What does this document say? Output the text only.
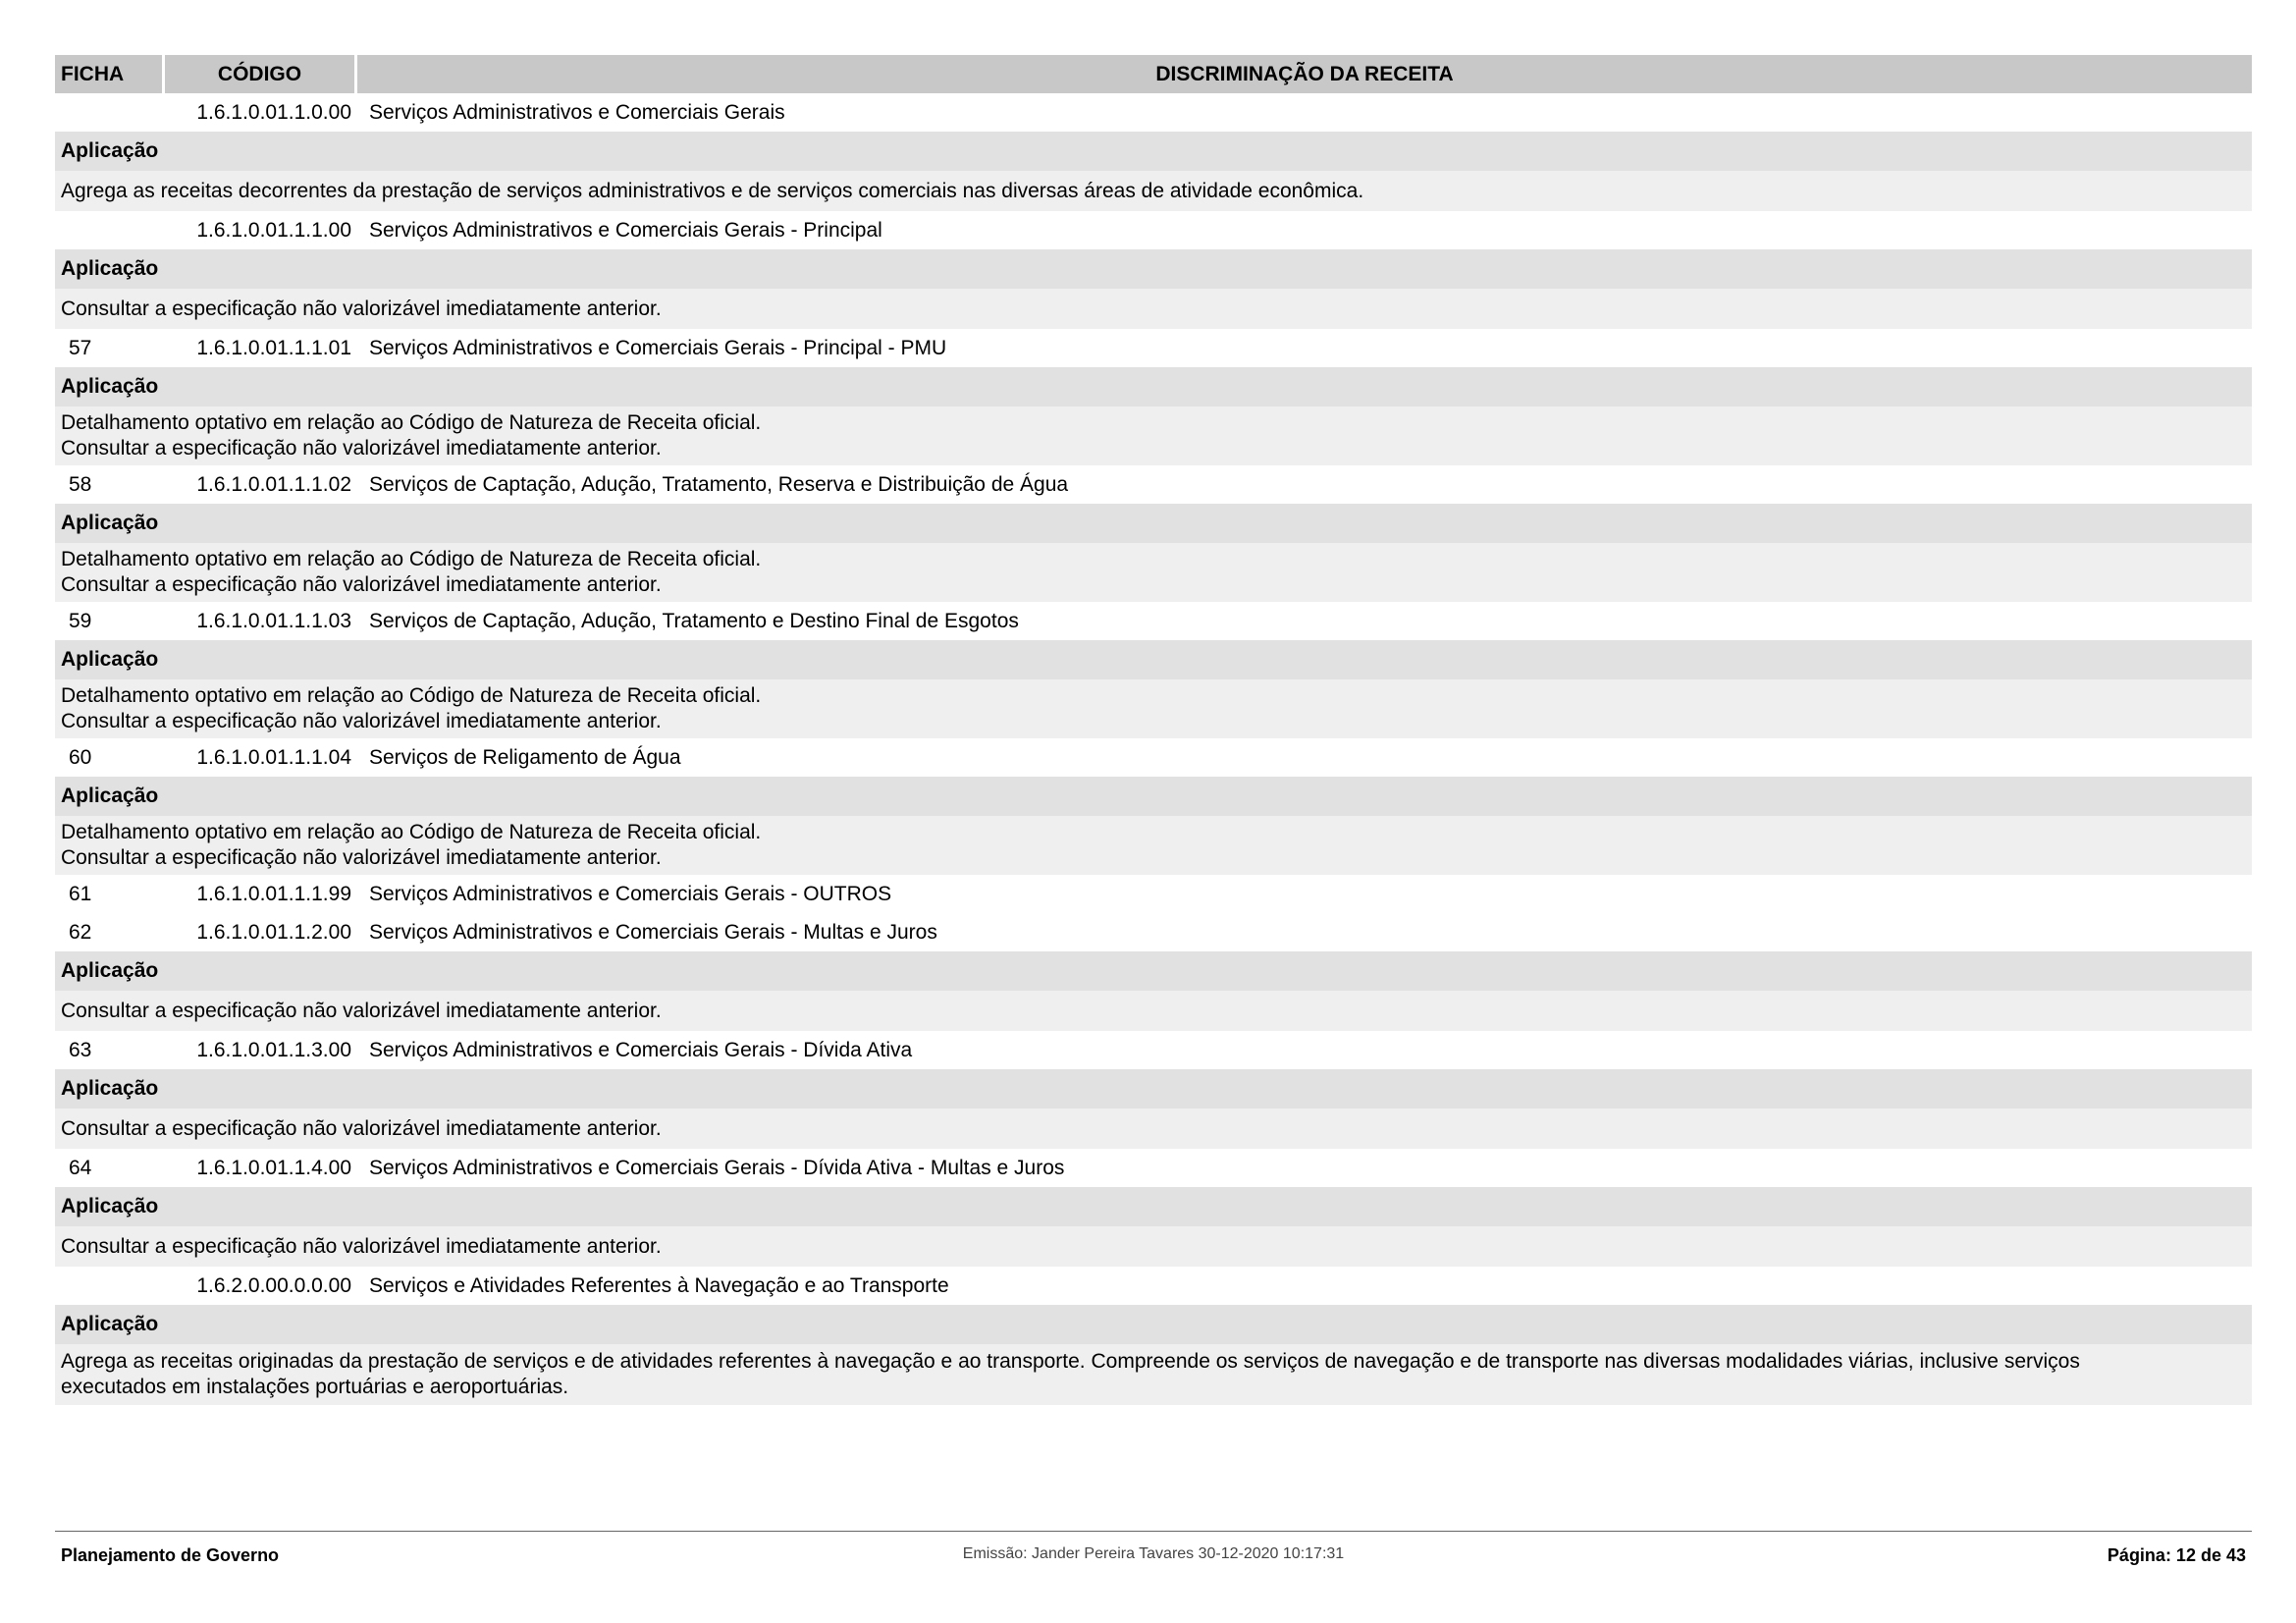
FICHA	CÓDIGO	DISCRIMINAÇÃO DA RECEITA
1.6.1.0.01.1.0.00 Serviços Administrativos e Comerciais Gerais
Aplicação
Agrega as receitas decorrentes da prestação de serviços administrativos e de serviços comerciais nas diversas áreas de atividade econômica.
1.6.1.0.01.1.1.00 Serviços Administrativos e Comerciais Gerais - Principal
Aplicação
Consultar a especificação não valorizável imediatamente anterior.
57	1.6.1.0.01.1.1.01 Serviços Administrativos e Comerciais Gerais - Principal - PMU
Aplicação
Detalhamento optativo em relação ao Código de Natureza de Receita oficial.
Consultar a especificação não valorizável imediatamente anterior.
58	1.6.1.0.01.1.1.02 Serviços de Captação, Adução, Tratamento, Reserva e Distribuição de Água
Aplicação
Detalhamento optativo em relação ao Código de Natureza de Receita oficial.
Consultar a especificação não valorizável imediatamente anterior.
59	1.6.1.0.01.1.1.03 Serviços de Captação, Adução, Tratamento e Destino Final de Esgotos
Aplicação
Detalhamento optativo em relação ao Código de Natureza de Receita oficial.
Consultar a especificação não valorizável imediatamente anterior.
60	1.6.1.0.01.1.1.04 Serviços de Religamento de Água
Aplicação
Detalhamento optativo em relação ao Código de Natureza de Receita oficial.
Consultar a especificação não valorizável imediatamente anterior.
61	1.6.1.0.01.1.1.99 Serviços Administrativos e Comerciais Gerais - OUTROS
62	1.6.1.0.01.1.2.00 Serviços Administrativos e Comerciais Gerais - Multas e Juros
Aplicação
Consultar a especificação não valorizável imediatamente anterior.
63	1.6.1.0.01.1.3.00 Serviços Administrativos e Comerciais Gerais - Dívida Ativa
Aplicação
Consultar a especificação não valorizável imediatamente anterior.
64	1.6.1.0.01.1.4.00 Serviços Administrativos e Comerciais Gerais - Dívida Ativa - Multas e Juros
Aplicação
Consultar a especificação não valorizável imediatamente anterior.
1.6.2.0.00.0.0.00 Serviços e Atividades Referentes à Navegação e ao Transporte
Aplicação
Agrega as receitas originadas da prestação de serviços e de atividades referentes à navegação e ao transporte. Compreende os serviços de navegação e de transporte nas diversas modalidades viárias, inclusive serviços
executados em instalações portuárias e aeroportuárias.
Planejamento de Governo	Emissão: Jander Pereira Tavares 30-12-2020 10:17:31	Página: 12 de 43
